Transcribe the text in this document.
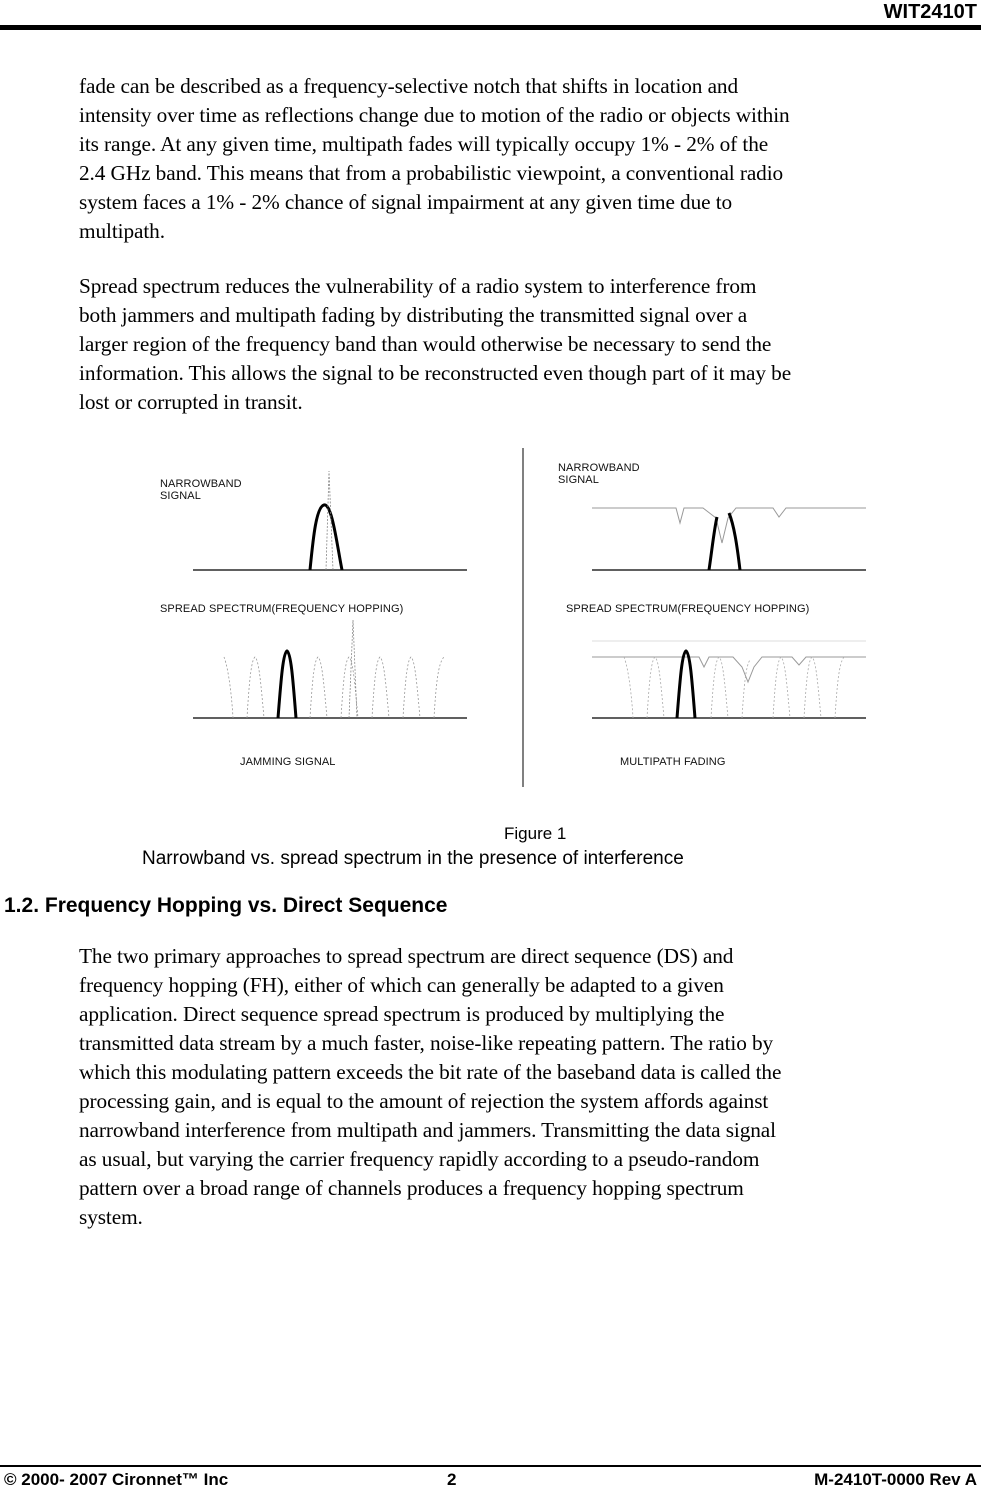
WIT2410T
fade can be described as a frequency-selective notch that shifts in location and
intensity over time as reflections change due to motion of the radio or objects within
its range. At any given time, multipath fades will typically occupy 1% - 2% of the
2.4 GHz band. This means that from a probabilistic viewpoint, a conventional radio
system faces a 1% - 2% chance of signal impairment at any given time due to
multipath.
Spread spectrum reduces the vulnerability of a radio system to interference from
both jammers and multipath fading by distributing the transmitted signal over a
larger region of the frequency band than would otherwise be necessary to send the
information. This allows the signal to be reconstructed even though part of it may be
lost or corrupted in transit.
NARROWBAND
SIGNAL
SPREAD SPECTRUM(FREQUENCY HOPPING)
JAMMING SIGNAL
NARROWBAND
SIGNAL
SPREAD SPECTRUM(FREQUENCY HOPPING)
MULTIPATH FADING
Figure 1
Narrowband vs. spread spectrum in the presence of interference
1.2. Frequency Hopping vs. Direct Sequence
The two primary approaches to spread spectrum are direct sequence (DS) and
frequency hopping (FH), either of which can generally be adapted to a given
application. Direct sequence spread spectrum is produced by multiplying the
transmitted data stream by a much faster, noise-like repeating pattern. The ratio by
which this modulating pattern exceeds the bit rate of the baseband data is called the
processing gain, and is equal to the amount of rejection the system affords against
narrowband interference from multipath and jammers. Transmitting the data signal
as usual, but varying the carrier frequency rapidly according to a pseudo-random
pattern over a broad range of channels produces a frequency hopping spectrum
system.
© 2000- 2007 Cironnet™ Inc	2	M-2410T-0000 Rev A
